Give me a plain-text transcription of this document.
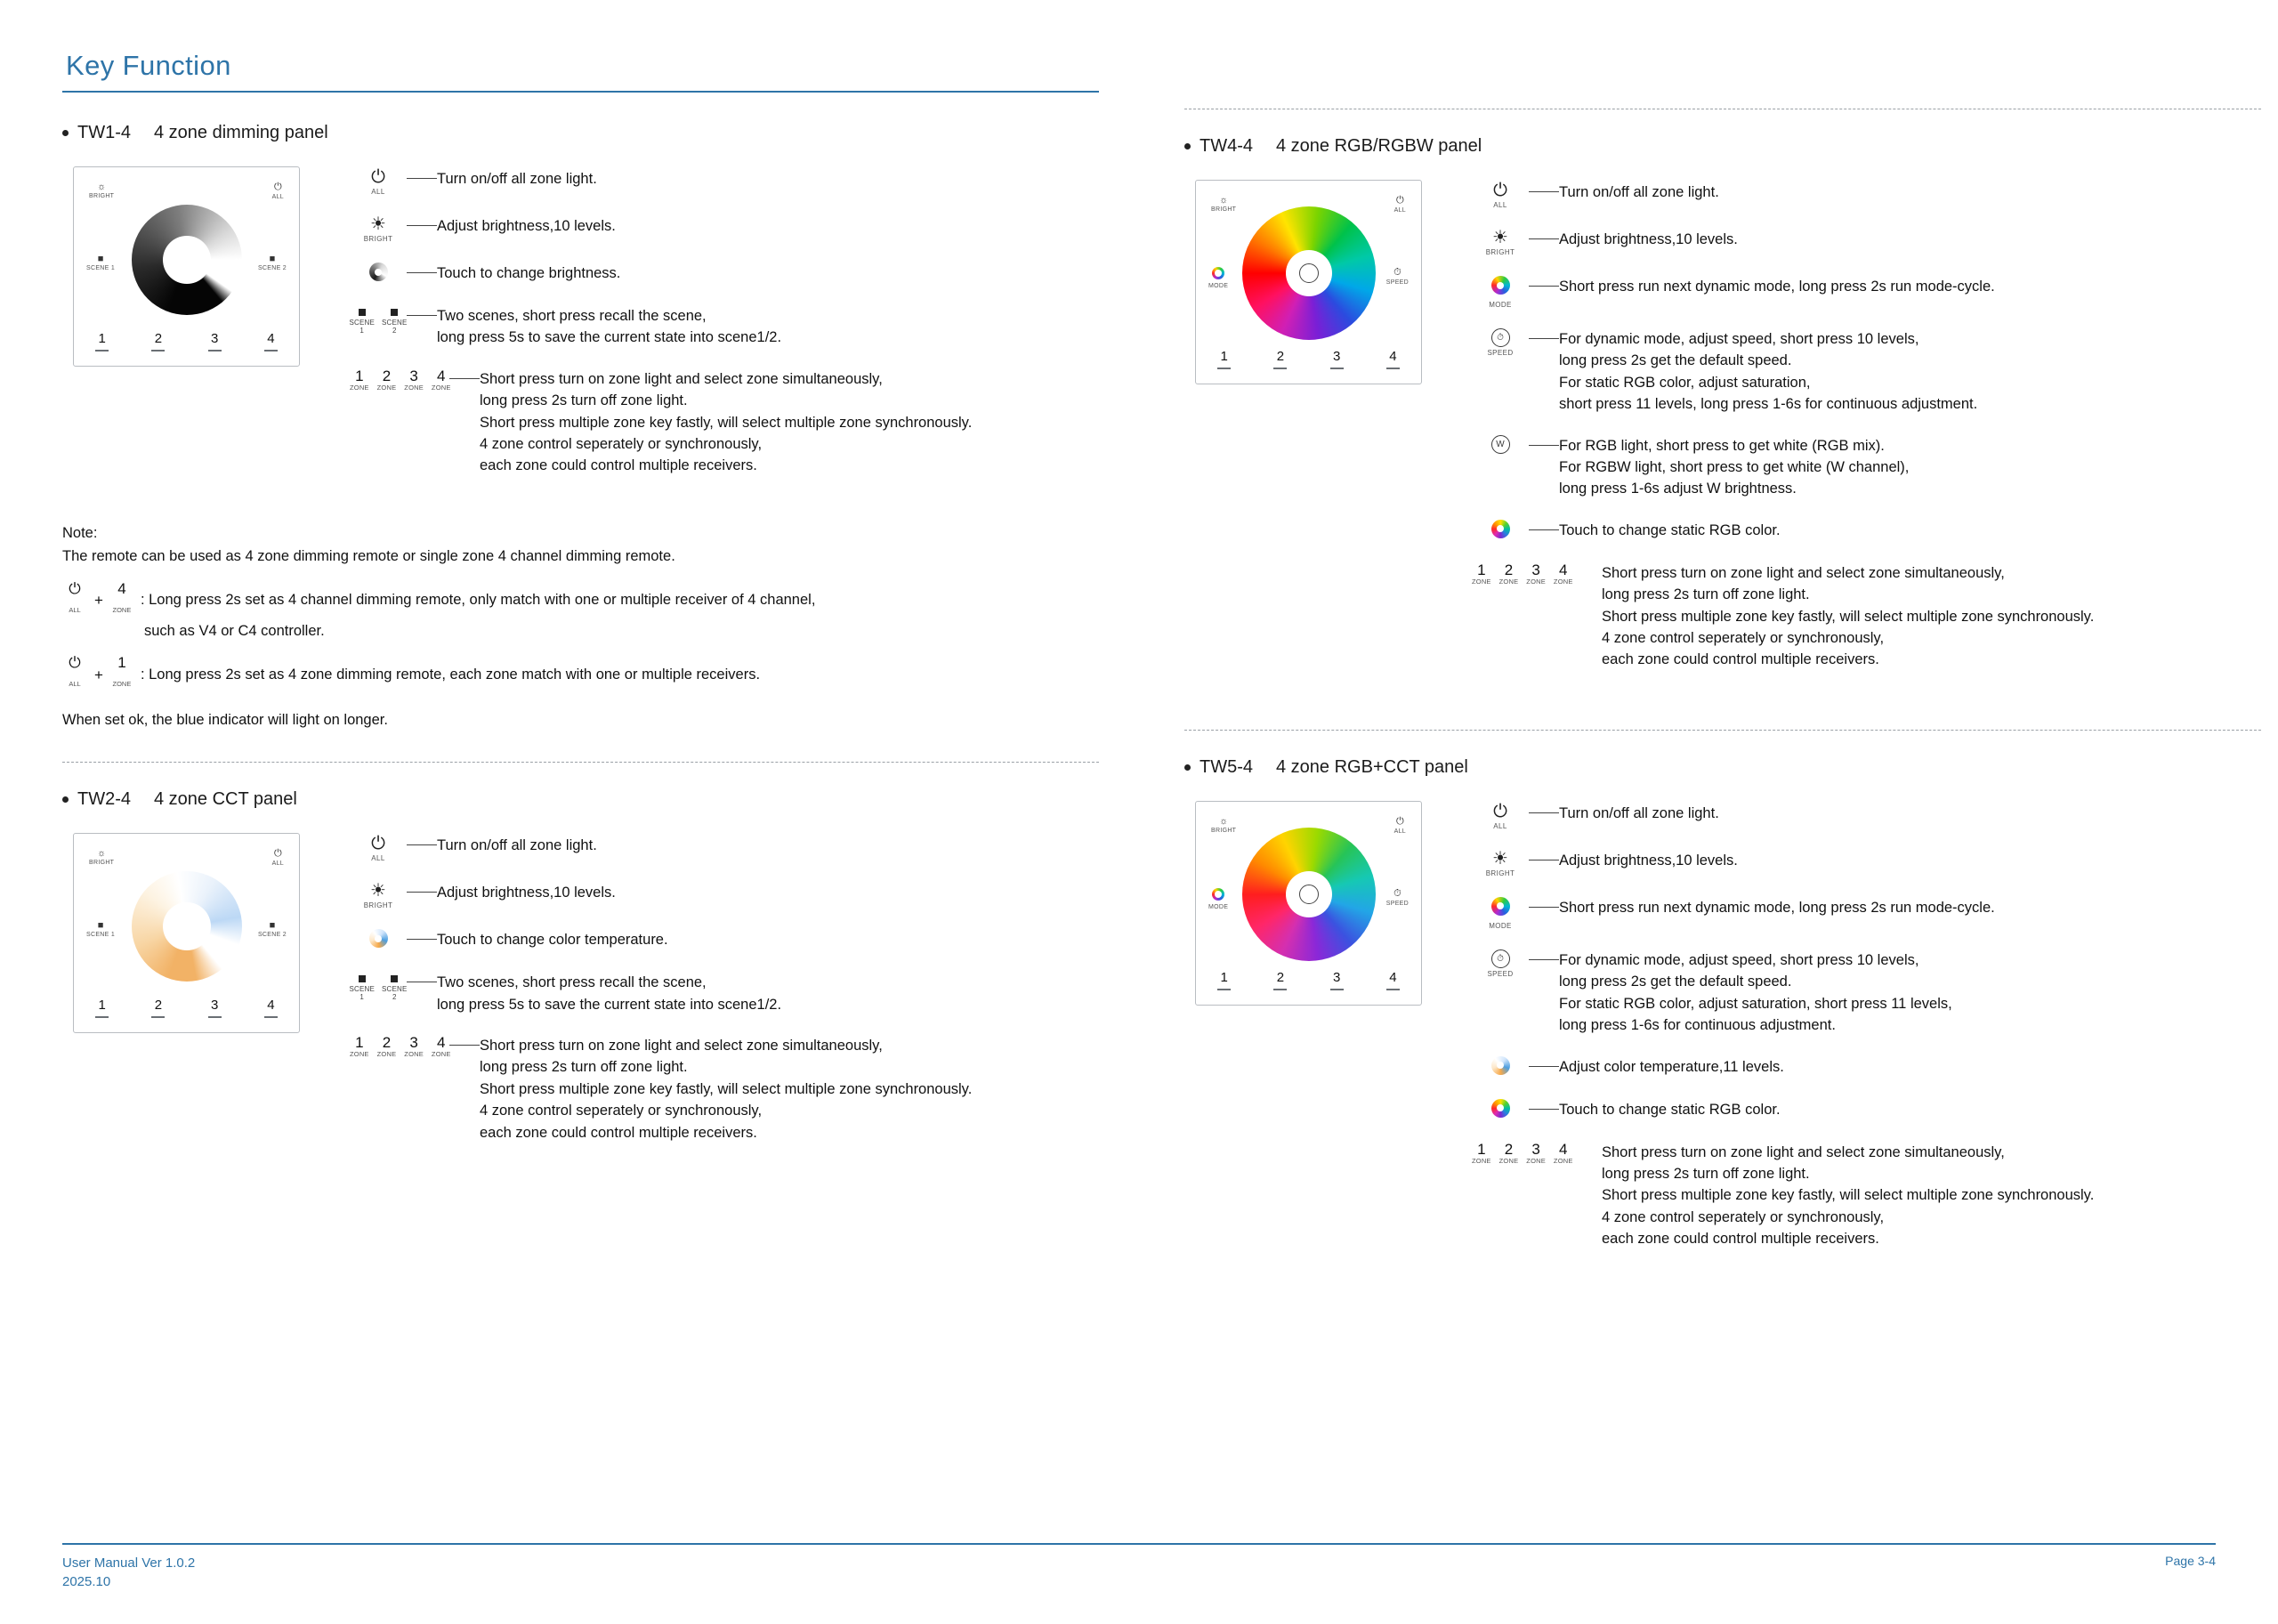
Key Function
TW1-4 4 zone dimming panel
☼
BRIGHT
⏻
ALL
■
SCENE 1
■
SCENE 2
1	2	3	4
⏻
ALL
Turn on/off all zone light.
☀
BRIGHT
Adjust brightness,10 levels.
Touch to change brightness.
SCENE 1
SCENE 2
Two scenes, short press recall the scene,
long press 5s to save the current state into scene1/2.
1
ZONE
2
ZONE
3
ZONE
4
ZONE
Short press turn on zone light and select zone simultaneously,
long press 2s turn off zone light.
Short press multiple zone key fastly, will select multiple zone synchronously.
4 zone control seperately or synchronously,
each zone could control multiple receivers.
Note:
The remote can be used as 4 zone dimming remote or single zone 4 channel dimming remote.
⏻
ALL
+
4
ZONE
: Long press 2s set as 4 channel dimming remote, only match with one or multiple receiver of 4 channel,
such as V4 or C4 controller.
⏻
ALL
+
1
ZONE
: Long press 2s set as 4 zone dimming remote, each zone match with one or multiple receivers.
When set ok, the blue indicator will light on longer.
TW2-4 4 zone CCT panel
☼
BRIGHT
⏻
ALL
■
SCENE 1
■
SCENE 2
1	2	3	4
⏻
ALL
Turn on/off all zone light.
☀
BRIGHT
Adjust brightness,10 levels.
Touch to change color temperature.
SCENE 1
SCENE 2
Two scenes, short press recall the scene,
long press 5s to save the current state into scene1/2.
1
ZONE
2
ZONE
3
ZONE
4
ZONE
Short press turn on zone light and select zone simultaneously,
long press 2s turn off zone light.
Short press multiple zone key fastly, will select multiple zone synchronously.
4 zone control seperately or synchronously,
each zone could control multiple receivers.
TW4-4 4 zone RGB/RGBW panel
☼
BRIGHT
⏻
ALL
MODE
⏱
SPEED
1	2	3	4
⏻
ALL
Turn on/off all zone light.
☀
BRIGHT
Adjust brightness,10 levels.
MODE
Short press run next dynamic mode, long press 2s run mode-cycle.
⏱
SPEED
For dynamic mode, adjust speed, short press 10 levels,
long press 2s get the default speed.
For static RGB color, adjust saturation,
short press 11 levels, long press 1-6s for continuous adjustment.
W	For RGB light, short press to get white (RGB mix).
For RGBW light, short press to get white (W channel),
long press 1-6s adjust W brightness.
Touch to change static RGB color.
1
ZONE
2
ZONE
3
ZONE
4
ZONE
Short press turn on zone light and select zone simultaneously,
long press 2s turn off zone light.
Short press multiple zone key fastly, will select multiple zone synchronously.
4 zone control seperately or synchronously,
each zone could control multiple receivers.
TW5-4 4 zone RGB+CCT panel
☼
BRIGHT
⏻
ALL
MODE
⏱
SPEED
1	2	3	4
⏻
ALL
Turn on/off all zone light.
☀
BRIGHT
Adjust brightness,10 levels.
MODE
Short press run next dynamic mode, long press 2s run mode-cycle.
⏱
SPEED
For dynamic mode, adjust speed, short press 10 levels,
long press 2s get the default speed.
For static RGB color, adjust saturation, short press 11 levels,
long press 1-6s for continuous adjustment.
Adjust color temperature,11 levels.
Touch to change static RGB color.
1
ZONE
2
ZONE
3
ZONE
4
ZONE
Short press turn on zone light and select zone simultaneously,
long press 2s turn off zone light.
Short press multiple zone key fastly, will select multiple zone synchronously.
4 zone control seperately or synchronously,
each zone could control multiple receivers.
User Manual Ver 1.0.2
2025.10
Page 3-4
